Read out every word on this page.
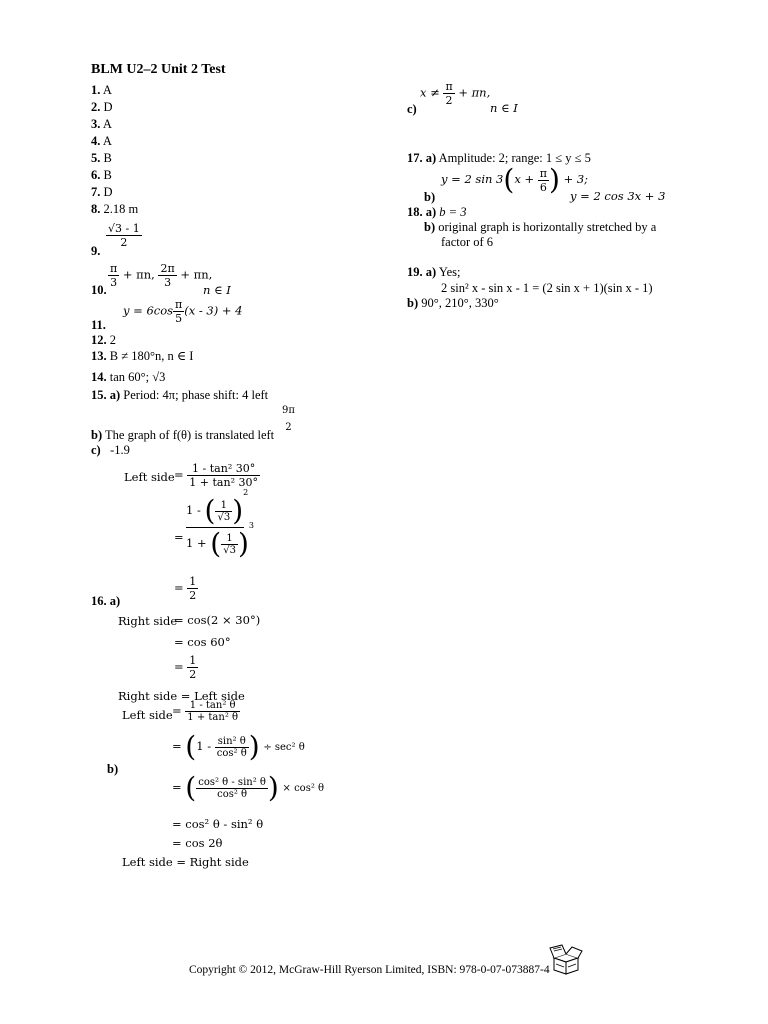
BLM U2–2 Unit 2 Test
1. A
2. D
3. A
4. A
5. B
6. B
7. D
8. 2.18 m
9.
$\frac{√3 - 1}{2}$
10.
$\frac{\pi}{3} + \pi n$, $\frac{2\pi}{3} + \pi n$,
n ∈ I
11.
$y = 6\cos \frac{\pi}{5} (x - 3) + 4$
12. 2
13. B ≠ 180°n, n ∈ I
14. tan 60°; √3
15. a) Period: 4π; phase shift: 4 left
9π
2
b) The graph of f(θ) is translated left
c) -1.9
Left side = $\frac{\text{1 - tan² 30°}}{\text{1 + tan² 30°}}$
= $\frac{1 - ( \frac{1}{√3} )^2}{1 + ( \frac{1}{√3} )^3}$
= $\frac{1}{2}$
16. a)
Right side
= cos(2 × 30°)
= cos 60°
= $\frac{1}{2}$
Right side = Left side
Left side = $\frac{\text{1 - tan² θ}}{\text{1 + tan² θ}}$
= ($1 - \frac{\text{sin² θ}}{\text{cos² θ}}$ ) ÷ sec² θ
b)
= ( $\frac{\text{cos² θ - sin² θ}}{\text{cos² θ}}$ ) × cos² θ
= cos² θ - sin² θ
= cos 2θ
Left side = Right side
c)
$x \ne \frac{\pi}{2} + \pi n$,
n ∈ I
17. a) Amplitude: 2; range: 1 ≤ y ≤ 5
y = 2 $\sin 3(x + \frac{\pi}{6}$ ) + 3;
b)	y = 2 cos 3x + 3
18. a) b = 3
b) original graph is horizontally stretched by a
factor of 6
19. a) Yes;
2 sin² x - sin x - 1 = (2 sin x + 1)(sin x - 1)
b) 90°, 210°, 330°
Copyright © 2012, McGraw-Hill Ryerson Limited, ISBN: 978-0-07-073887-4
